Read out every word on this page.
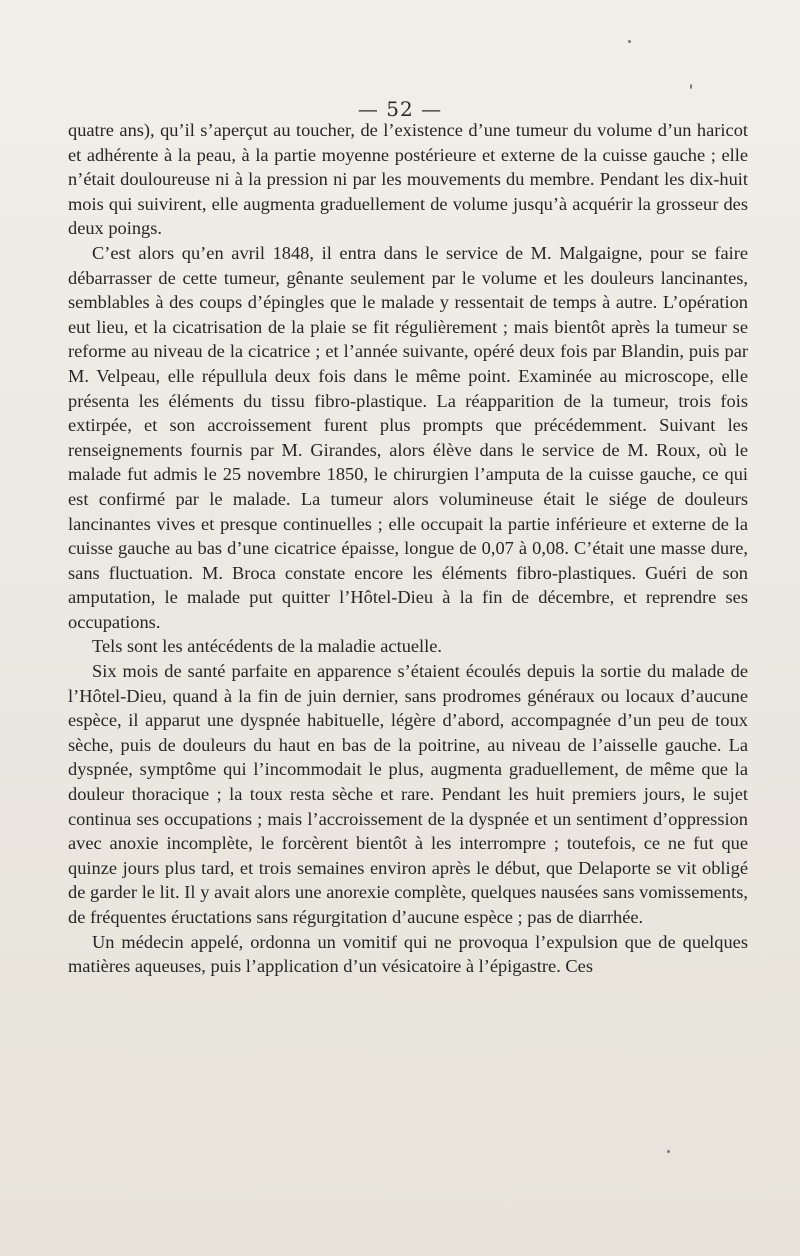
— 52 —

quatre ans), qu’il s’aperçut au toucher, de l’existence d’une tumeur du volume d’un haricot et adhérente à la peau, à la partie moyenne postérieure et externe de la cuisse gauche ; elle n’était douloureuse ni à la pression ni par les mouvements du membre. Pendant les dix-huit mois qui suivirent, elle augmenta graduellement de volume jusqu’à acquérir la grosseur des deux poings.

C’est alors qu’en avril 1848, il entra dans le service de M. Malgaigne, pour se faire débarrasser de cette tumeur, gênante seulement par le volume et les douleurs lancinantes, semblables à des coups d’épingles que le malade y ressentait de temps à autre. L’opération eut lieu, et la cicatrisation de la plaie se fit régulièrement ; mais bientôt après la tumeur se reforme au niveau de la cicatrice ; et l’année suivante, opéré deux fois par Blandin, puis par M. Velpeau, elle répullula deux fois dans le même point. Examinée au microscope, elle présenta les éléments du tissu fibro-plastique. La réapparition de la tumeur, trois fois extirpée, et son accroissement furent plus prompts que précédemment. Suivant les renseignements fournis par M. Girandes, alors élève dans le service de M. Roux, où le malade fut admis le 25 novembre 1850, le chirurgien l’amputa de la cuisse gauche, ce qui est confirmé par le malade. La tumeur alors volumineuse était le siége de douleurs lancinantes vives et presque continuelles ; elle occupait la partie inférieure et externe de la cuisse gauche au bas d’une cicatrice épaisse, longue de 0,07 à 0,08. C’était une masse dure, sans fluctuation. M. Broca constate encore les éléments fibro-plastiques. Guéri de son amputation, le malade put quitter l’Hôtel-Dieu à la fin de décembre, et reprendre ses occupations.

Tels sont les antécédents de la maladie actuelle.

Six mois de santé parfaite en apparence s’étaient écoulés depuis la sortie du malade de l’Hôtel-Dieu, quand à la fin de juin dernier, sans prodromes généraux ou locaux d’aucune espèce, il apparut une dyspnée habituelle, légère d’abord, accompagnée d’un peu de toux sèche, puis de douleurs du haut en bas de la poitrine, au niveau de l’aisselle gauche. La dyspnée, symptôme qui l’incommodait le plus, augmenta graduellement, de même que la douleur thoracique ; la toux resta sèche et rare. Pendant les huit premiers jours, le sujet continua ses occupations ; mais l’accroissement de la dyspnée et un sentiment d’oppression avec anoxie incomplète, le forcèrent bientôt à les interrompre ; toutefois, ce ne fut que quinze jours plus tard, et trois semaines environ après le début, que Delaporte se vit obligé de garder le lit. Il y avait alors une anorexie complète, quelques nausées sans vomissements, de fréquentes éructations sans régurgitation d’aucune espèce ; pas de diarrhée.

Un médecin appelé, ordonna un vomitif qui ne provoqua l’expulsion que de quelques matières aqueuses, puis l’application d’un vésicatoire à l’épigastre. Ces
